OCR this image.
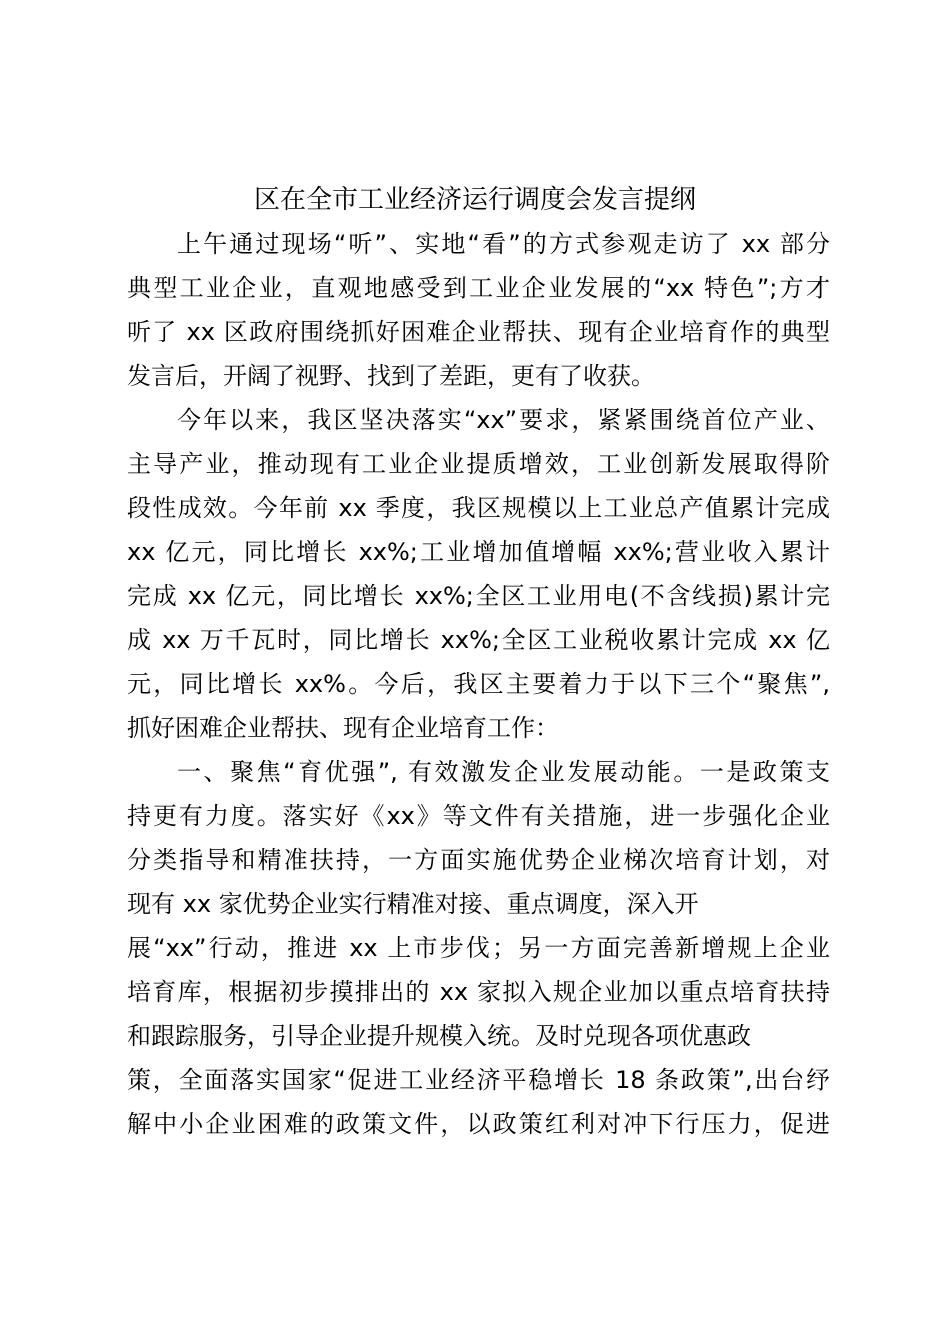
区在全市工业经济运行调度会发言提纲
上午通过现场“听”、实地“看”的方式参观走访了 xx 部分
典型工业企业，直观地感受到工业企业发展的“xx 特色”;方才
听了 xx 区政府围绕抓好困难企业帮扶、现有企业培育作的典型
发言后，开阔了视野、找到了差距，更有了收获。
今年以来，我区坚决落实“xx”要求，紧紧围绕首位产业、
主导产业，推动现有工业企业提质增效，工业创新发展取得阶
段性成效。今年前 xx 季度，我区规模以上工业总产值累计完成
xx 亿元，同比增长 xx%;工业增加值增幅 xx%;营业收入累计
完成 xx 亿元，同比增长 xx%;全区工业用电(不含线损)累计完
成 xx 万千瓦时，同比增长 xx%;全区工业税收累计完成 xx 亿
元，同比增长 xx%。今后，我区主要着力于以下三个“聚焦”,
抓好困难企业帮扶、现有企业培育工作：
一、聚焦“育优强”, 有效激发企业发展动能。一是政策支
持更有力度。落实好《xx》等文件有关措施，进一步强化企业
分类指导和精准扶持，一方面实施优势企业梯次培育计划，对
现有 xx 家优势企业实行精准对接、重点调度，深入开
展“xx”行动，推进 xx 上市步伐；另一方面完善新增规上企业
培育库，根据初步摸排出的 xx 家拟入规企业加以重点培育扶持
和跟踪服务，引导企业提升规模入统。及时兑现各项优惠政
策，全面落实国家“促进工业经济平稳增长 18 条政策”,出台纾
解中小企业困难的政策文件，以政策红利对冲下行压力，促进
